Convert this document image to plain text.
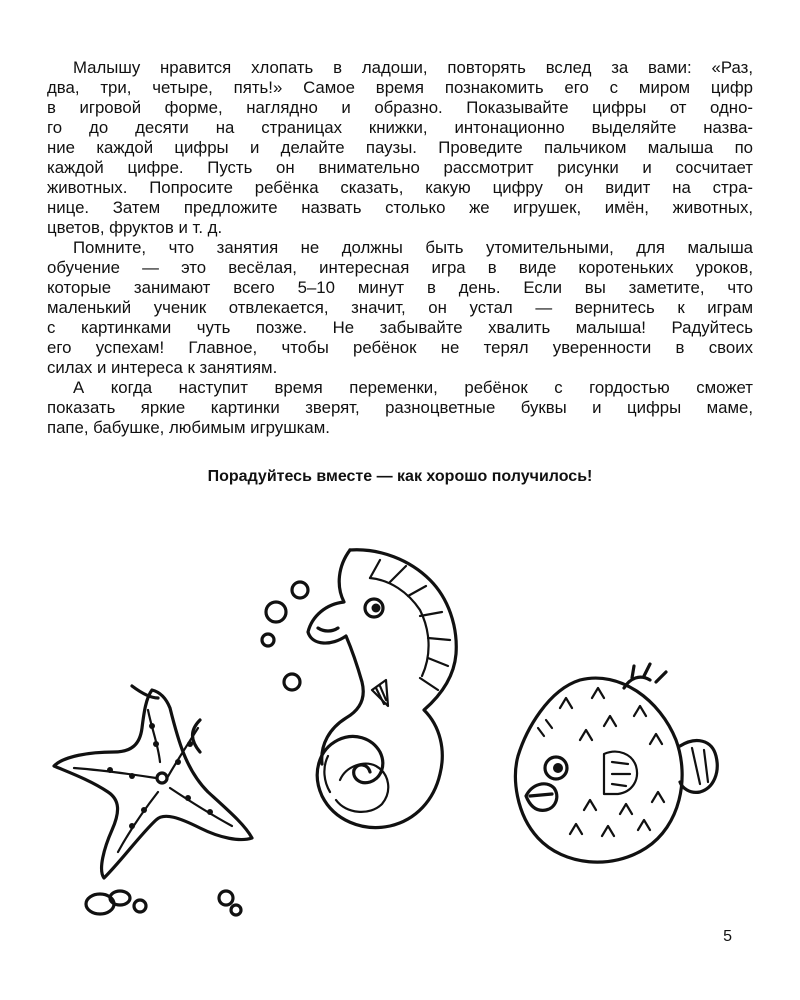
Малышу нравится хлопать в ладоши, повторять вслед за вами: «Раз,
два, три, четыре, пять!» Самое время познакомить его с миром цифр
в игровой форме, наглядно и образно. Показывайте цифры от одно-
го до десяти на страницах книжки, интонационно выделяйте назва-
ние каждой цифры и делайте паузы. Проведите пальчиком малыша по
каждой цифре. Пусть он внимательно рассмотрит рисунки и сосчитает
животных. Попросите ребёнка сказать, какую цифру он видит на стра-
нице. Затем предложите назвать столько же игрушек, имён, животных,
цветов, фруктов и т. д.

Помните, что занятия не должны быть утомительными, для малыша
обучение — это весёлая, интересная игра в виде коротеньких уроков,
которые занимают всего 5–10 минут в день. Если вы заметите, что
маленький ученик отвлекается, значит, он устал — вернитесь к играм
с картинками чуть позже. Не забывайте хвалить малыша! Радуйтесь
его успехам! Главное, чтобы ребёнок не терял уверенности в своих
силах и интереса к занятиям.

А когда наступит время переменки, ребёнок с гордостью сможет
показать яркие картинки зверят, разноцветные буквы и цифры маме,
папе, бабушке, любимым игрушкам.

Порадуйтесь вместе — как хорошо получилось!

5
